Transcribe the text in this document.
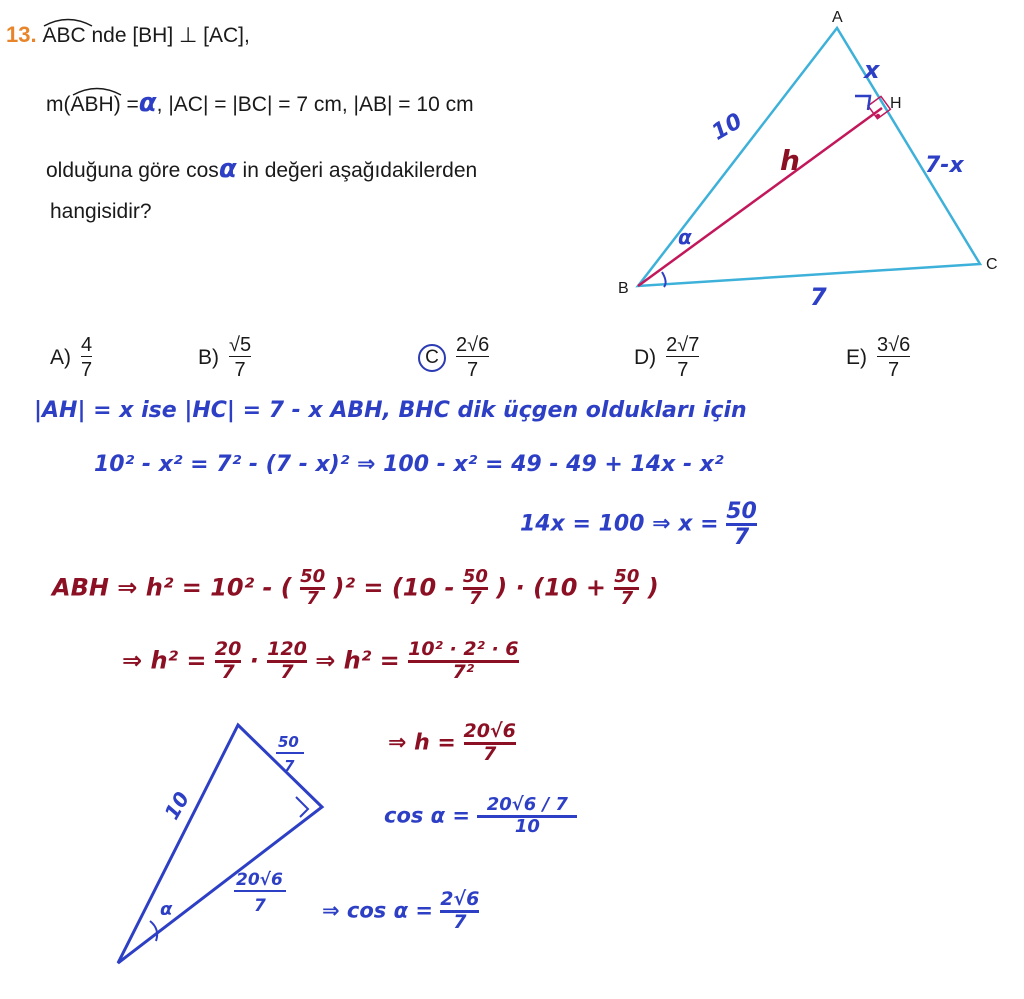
13. ABC nde [BH] ⊥ [AC],
m(
ABH) =α, |AC| = |BC| = 7 cm, |AB| = 10 cm
olduğuna göre cosα in değeri aşağıdakilerden
hangisidir?
A
B
C
H
10
x
7-x
7
h
α
$A) \frac{4}{7}$	$B) \frac{√5}{7}$	C $\frac{2√6}{7}$	$D) \frac{2√7}{7}$	$E) \frac{3√6}{7}$
|AH| = x ise |HC| = 7 - x ABH, BHC dik üçgen oldukları için
10² - x² = 7² - (7 - x)² ⇒ 100 - x² = 49 - 49 + 14x - x²
14x = 100 ⇒ $x = \frac{50}{7}$
ABH ⇒ h² = 10² - ( $\frac{50}{7} )^2 = (10 - \frac{50}{7}$ ) · ($10 + \frac{50}{7}$ )
⇒ $h^2 = \frac{20}{7} \cdot \frac{120}{7}$ ⇒ $h^2 = \frac{\text{10² · 2² · 6}}{\text{7²}}$
⇒ $h = \frac{20√6}{7}$
$\cos \alpha = \frac{20√6 / 7}{10}$
⇒ $\cos \alpha = \frac{2√6}{7}$
10
50
7
20√6
7
α
